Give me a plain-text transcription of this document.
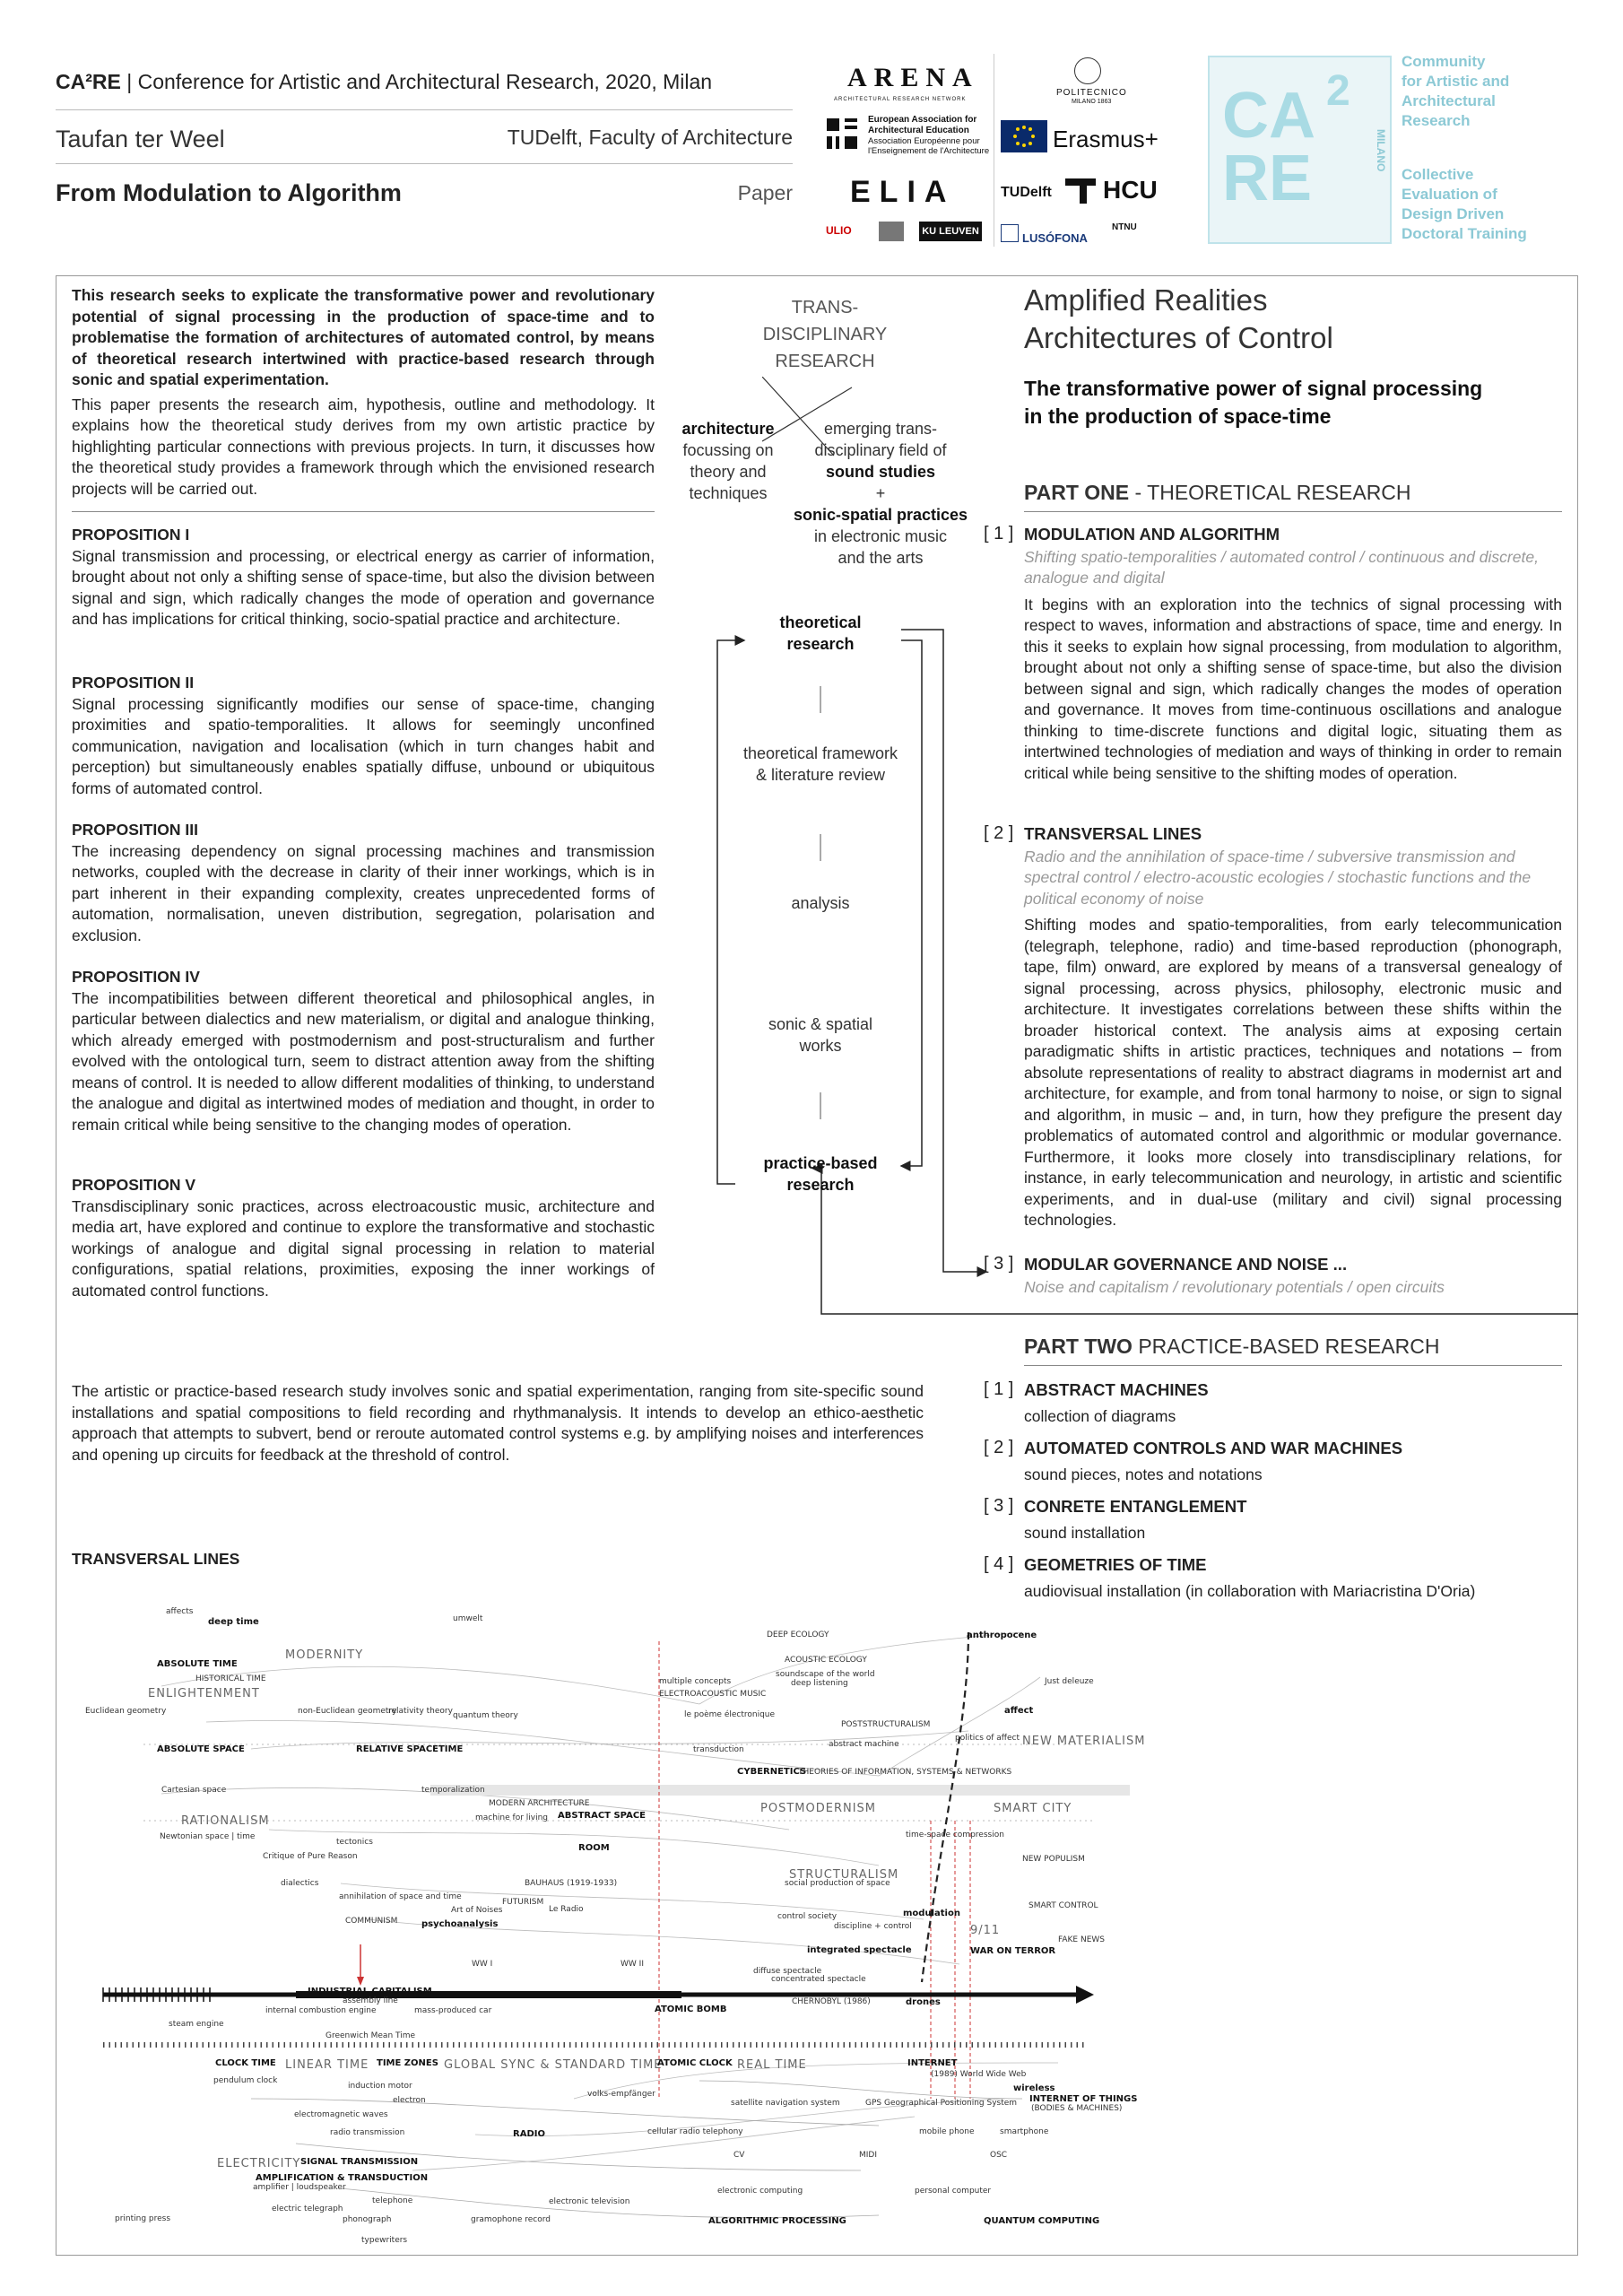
CA²RE | Conference for Artistic and Architectural Research, 2020, Milan
Taufan ter Weel	TUDelft, Faculty of Architecture
From Modulation to Algorithm	Paper
ARENA
ARCHITECTURAL RESEARCH NETWORK
European Association for
Architectural Education
Association Européenne pour
l'Enseignement de l'Architecture
ELIA
ULIO	KU LEUVEN
POLITECNICO
MILANO 1863
Erasmus+
TUDelft HCU
LUSÓFONA
NTNU
CA RE
2
MILANO
Community
for Artistic and
Architectural
Research
Collective
Evaluation of
Design Driven
Doctoral Training

This research seeks to explicate the transformative power and revolutionary potential of signal processing in the production of space-time and to problematise the formation of architectures of automated control, by means of theoretical research intertwined with practice-based research through sonic and spatial experimentation.

This paper presents the research aim, hypothesis, outline and methodology. It explains how the theoretical study derives from my own artistic practice by highlighting particular connections with previous projects. In turn, it discusses how the theoretical study provides a framework through which the envisioned research projects will be carried out.

PROPOSITION I

Signal transmission and processing, or electrical energy as carrier of information, brought about not only a shifting sense of space-time, but also the division between signal and sign, which radically changes the mode of operation and governance and has implications for critical thinking, socio-spatial practice and architecture.

PROPOSITION II

Signal processing significantly modifies our sense of space-time, changing proximities and spatio-temporalities. It allows for seemingly unconfined communication, navigation and localisation (which in turn changes habit and perception) but simultaneously enables spatially diffuse, unbound or ubiquitous forms of automated control.

PROPOSITION III

The increasing dependency on signal processing machines and transmission networks, coupled with the decrease in clarity of their inner workings, which is in part inherent in their expanding complexity, creates unprecedented forms of automation, normalisation, uneven distribution, segregation, polarisation and exclusion.

PROPOSITION IV

The incompatibilities between different theoretical and philosophical angles, in particular between dialectics and new materialism, or digital and analogue thinking, which already emerged with postmodernism and post-structuralism and further evolved with the ontological turn, seem to distract attention away from the shifting means of control. It is needed to allow different modalities of thinking, to understand the analogue and digital as intertwined modes of mediation and thought, in order to remain critical while being sensitive to the changing modes of operation.

PROPOSITION V

Transdisciplinary sonic practices, across electroacoustic music, architecture and media art, have explored and continue to explore the transformative and stochastic workings of analogue and digital signal processing in relation to material configurations, spatial relations, proximities, exposing the inner workings of automated control functions.

The artistic or practice-based research study involves sonic and spatial experimentation, ranging from site-specific sound installations and spatial compositions to field recording and rhythmanalysis. It intends to develop an ethico-aesthetic approach that attempts to subvert, bend or reroute automated control systems e.g. by amplifying noises and interferences and opening up circuits for feedback at the threshold of control.

TRANSVERSAL LINES
TRANS-
DISCIPLINARY
RESEARCH
architecture
focussing on
theory and
techniques
emerging trans-
disciplinary field of
sound studies
+
sonic-spatial practices
in electronic music
and the arts
theoretical
research
theoretical framework
& literature review
analysis
sonic & spatial
works
practice-based
research
Amplified Realities
Architectures of Control
The transformative power of signal processing
in the production of space-time
PART ONE - THEORETICAL RESEARCH
[ 1 ] MODULATION AND ALGORITHM
Shifting spatio-temporalities / automated control / continuous and discrete, analogue and digital
It begins with an exploration into the technics of signal processing with respect to waves, information and abstractions of space, time and energy. In this it seeks to explain how signal processing, from modulation to algorithm, brought about not only a shifting sense of space-time, but also the division between signal and sign, which radically changes the modes of operation and governance. It moves from time-continuous oscillations and analogue thinking to time-discrete functions and digital logic, situating them as intertwined technologies of mediation and ways of thinking in order to remain critical while being sensitive to the shifting modes of operation.
[ 2 ] TRANSVERSAL LINES
Radio and the annihilation of space-time / subversive transmission and spectral control / electro-acoustic ecologies / stochastic functions and the political economy of noise
Shifting modes and spatio-temporalities, from early telecommunication (telegraph, telephone, radio) and time-based reproduction (phonograph, tape, film) onward, are explored by means of a transversal genealogy of signal processing, across physics, philosophy, electronic music and architecture. It investigates correlations between these shifts within the broader historical context. The analysis aims at exposing certain paradigmatic shifts in artistic practices, techniques and notations – from absolute representations of reality to abstract diagrams in modernist art and architecture, for example, and from tonal harmony to noise, or sign to signal and algorithm, in music – and, in turn, how they prefigure the present day problematics of automated control and algorithmic or modular governance. Furthermore, it looks more closely into transdisciplinary relations, for instance, in early telecommunication and neurology, in artistic and scientific experiments, and in dual-use (military and civil) signal processing technologies.
[ 3 ] MODULAR GOVERNANCE AND NOISE ...
Noise and capitalism / revolutionary potentials / open circuits
PART TWO PRACTICE-BASED RESEARCH
[ 1 ] ABSTRACT MACHINES
collection of diagrams
[ 2 ] AUTOMATED CONTROLS AND WAR MACHINES
sound pieces, notes and notations
[ 3 ] CONRETE ENTANGLEMENT
sound installation
[ 4 ] GEOMETRIES OF TIME
audiovisual installation (in collaboration with Mariacristina D'Oria)
affects
deep time	umwelt
MODERNITY
ABSOLUTE TIME
HISTORICAL TIME
ENLIGHTENMENT
DEEP ECOLOGY
ACOUSTIC ECOLOGY
soundscape of the world
deep listening
anthropocene
Euclidean geometry	non-Euclidean geometry
relativity theory quantum theory
multiple concepts
ELECTROACOUSTIC MUSIC
le poème électronique
ABSOLUTE SPACE	RELATIVE SPACETIME	transduction
POSTSTRUCTURALISM
abstract machine
affect
politics of affect NEW MATERIALISM
Just deleuze
CYBERNETICS
THEORIES OF INFORMATION, SYSTEMS & NETWORKS
Cartesian space
RATIONALISM
temporalization
MODERN ARCHITECTURE
ABSTRACT SPACE
machine for living
POSTMODERNISM	SMART CITY
Newtonian space | time
tectonics
Critique of Pure Reason
ROOM
dialectics	BAUHAUS (1919-1933)
STRUCTURALISM
social production of space
time-space compression
NEW POPULISM
annihilation of space and time
Art of Noises
FUTURISM
Le Radio
COMMUNISM	psychoanalysis
control society
discipline + control
modulation
9/11
SMART CONTROL
FAKE NEWS
integrated spectacle	WAR ON TERROR
WW I	WW II
diffuse spectacle
concentrated spectacle
INDUSTRIAL CAPITALISM
CHERNOBYL (1986)	drones
assembly line
internal combustion engine	mass-produced car	ATOMIC BOMB
steam engine
Greenwich Mean Time
CLOCK TIME LINEAR TIME TIME ZONES GLOBAL SYNC & STANDARD TIME
ATOMIC CLOCK REAL TIME	INTERNET
(1989) World Wide Web
pendulum clock
induction motor	wireless
INTERNET OF THINGS
(BODIES & MACHINES)
electron
volks-empfänger
satellite navigation system	GPS Geographical Positioning System
electromagnetic waves
radio transmission	RADIO	cellular radio telephony	mobile phone	smartphone
ELECTRICITY SIGNAL TRANSMISSION
CV	MIDI	OSC
AMPLIFICATION & TRANSDUCTION
amplifier | loudspeaker	electronic computing	personal computer
telephone	electronic television
electric telegraph
phonograph	gramophone record	ALGORITHMIC PROCESSING	QUANTUM COMPUTING
printing press
typewriters
